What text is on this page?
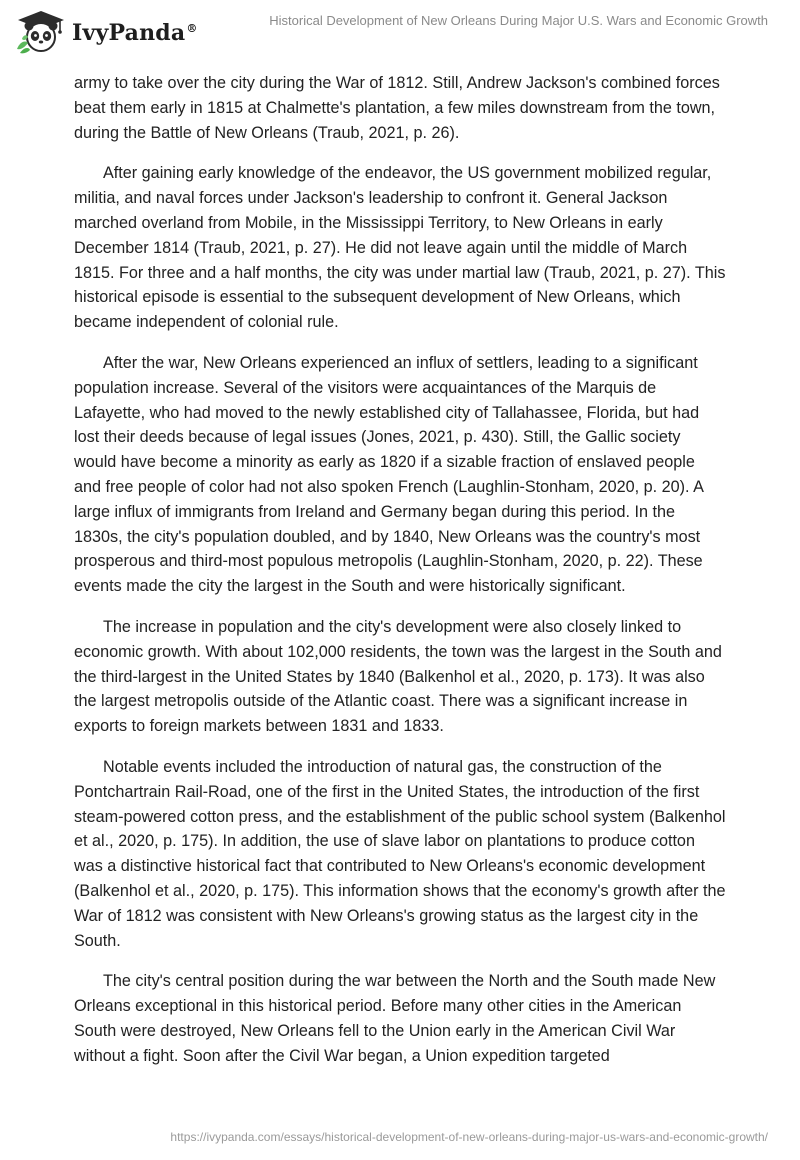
IvyPanda®
Historical Development of New Orleans During Major U.S. Wars and Economic Growth

army to take over the city during the War of 1812. Still, Andrew Jackson's combined forces beat them early in 1815 at Chalmette's plantation, a few miles downstream from the town, during the Battle of New Orleans (Traub, 2021, p. 26).

After gaining early knowledge of the endeavor, the US government mobilized regular, militia, and naval forces under Jackson's leadership to confront it. General Jackson marched overland from Mobile, in the Mississippi Territory, to New Orleans in early December 1814 (Traub, 2021, p. 27). He did not leave again until the middle of March 1815. For three and a half months, the city was under martial law (Traub, 2021, p. 27). This historical episode is essential to the subsequent development of New Orleans, which became independent of colonial rule.

After the war, New Orleans experienced an influx of settlers, leading to a significant population increase. Several of the visitors were acquaintances of the Marquis de Lafayette, who had moved to the newly established city of Tallahassee, Florida, but had lost their deeds because of legal issues (Jones, 2021, p. 430). Still, the Gallic society would have become a minority as early as 1820 if a sizable fraction of enslaved people and free people of color had not also spoken French (Laughlin-Stonham, 2020, p. 20). A large influx of immigrants from Ireland and Germany began during this period. In the 1830s, the city's population doubled, and by 1840, New Orleans was the country's most prosperous and third-most populous metropolis (Laughlin-Stonham, 2020, p. 22). These events made the city the largest in the South and were historically significant.

The increase in population and the city's development were also closely linked to economic growth. With about 102,000 residents, the town was the largest in the South and the third-largest in the United States by 1840 (Balkenhol et al., 2020, p. 173). It was also the largest metropolis outside of the Atlantic coast. There was a significant increase in exports to foreign markets between 1831 and 1833.

Notable events included the introduction of natural gas, the construction of the Pontchartrain Rail-Road, one of the first in the United States, the introduction of the first steam-powered cotton press, and the establishment of the public school system (Balkenhol et al., 2020, p. 175). In addition, the use of slave labor on plantations to produce cotton was a distinctive historical fact that contributed to New Orleans's economic development (Balkenhol et al., 2020, p. 175). This information shows that the economy's growth after the War of 1812 was consistent with New Orleans's growing status as the largest city in the South.

The city's central position during the war between the North and the South made New Orleans exceptional in this historical period. Before many other cities in the American South were destroyed, New Orleans fell to the Union early in the American Civil War without a fight. Soon after the Civil War began, a Union expedition targeted

https://ivypanda.com/essays/historical-development-of-new-orleans-during-major-us-wars-and-economic-growth/
